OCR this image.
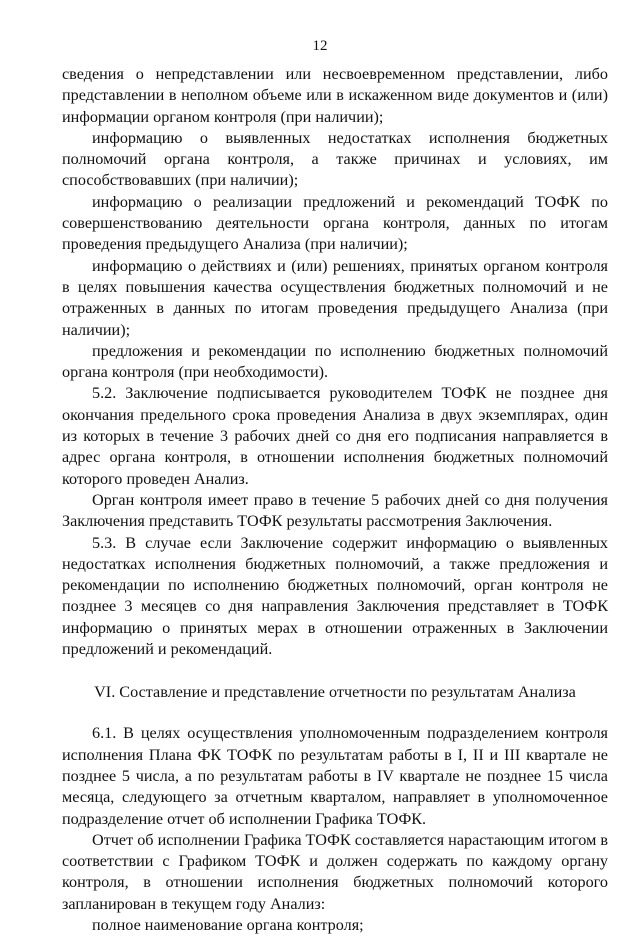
12

сведения о непредставлении или несвоевременном представлении, либо представлении в неполном объеме или в искаженном виде документов и (или) информации органом контроля (при наличии);

информацию о выявленных недостатках исполнения бюджетных полномочий органа контроля, а также причинах и условиях, им способствовавших (при наличии);

информацию о реализации предложений и рекомендаций ТОФК по совершенствованию деятельности органа контроля, данных по итогам проведения предыдущего Анализа (при наличии);

информацию о действиях и (или) решениях, принятых органом контроля в целях повышения качества осуществления бюджетных полномочий и не отраженных в данных по итогам проведения предыдущего Анализа (при наличии);

предложения и рекомендации по исполнению бюджетных полномочий органа контроля (при необходимости).

5.2. Заключение подписывается руководителем ТОФК не позднее дня окончания предельного срока проведения Анализа в двух экземплярах, один из которых в течение 3 рабочих дней со дня его подписания направляется в адрес органа контроля, в отношении исполнения бюджетных полномочий которого проведен Анализ.

Орган контроля имеет право в течение 5 рабочих дней со дня получения Заключения представить ТОФК результаты рассмотрения Заключения.

5.3. В случае если Заключение содержит информацию о выявленных недостатках исполнения бюджетных полномочий, а также предложения и рекомендации по исполнению бюджетных полномочий, орган контроля не позднее 3 месяцев со дня направления Заключения представляет в ТОФК информацию о принятых мерах в отношении отраженных в Заключении предложений и рекомендаций.

VI. Составление и представление отчетности по результатам Анализа

6.1. В целях осуществления уполномоченным подразделением контроля исполнения Плана ФК ТОФК по результатам работы в I, II и III квартале не позднее 5 числа, а по результатам работы в IV квартале не позднее 15 числа месяца, следующего за отчетным кварталом, направляет в уполномоченное подразделение отчет об исполнении Графика ТОФК.

Отчет об исполнении Графика ТОФК составляется нарастающим итогом в соответствии с Графиком ТОФК и должен содержать по каждому органу контроля, в отношении исполнения бюджетных полномочий которого запланирован в текущем году Анализ:

полное наименование органа контроля;
